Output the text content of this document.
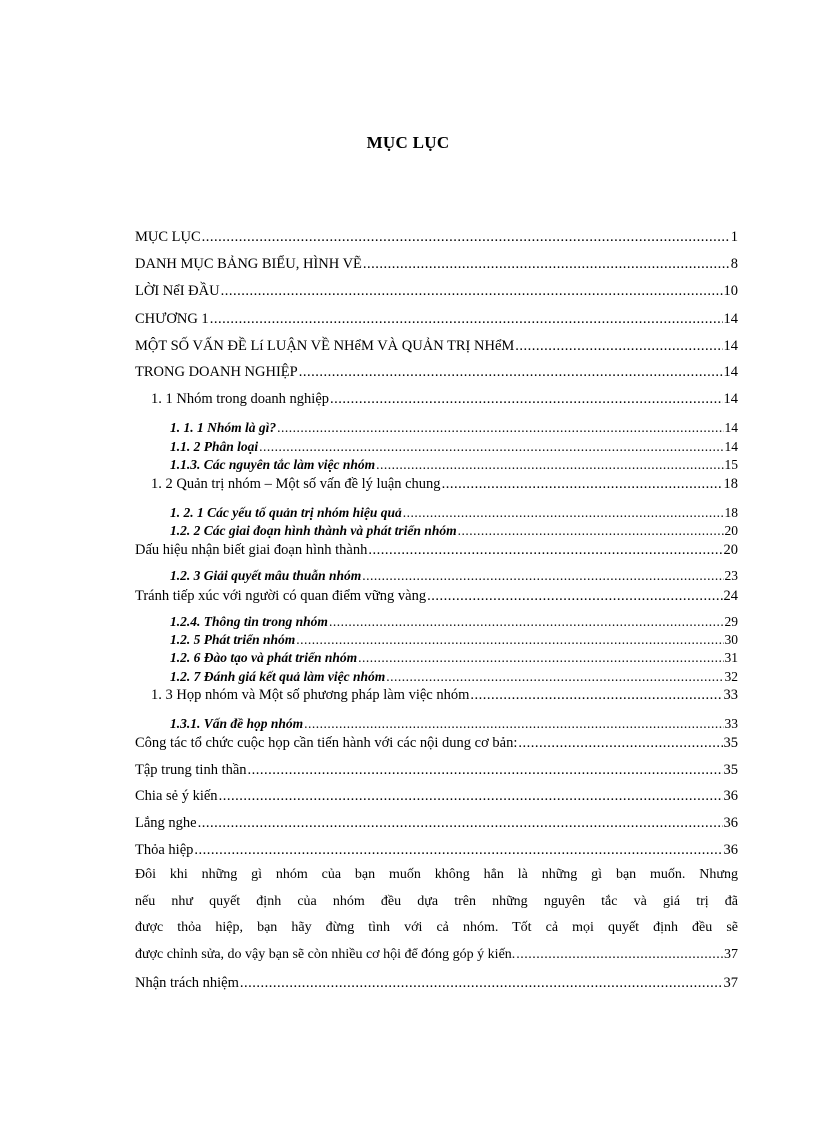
MỤC LỤC
MỤC LỤC .....	1
DANH MỤC BẢNG BIỂU, HÌNH VẼ .....	8
LỜI NểI ĐẦU .....	10
CHƯƠNG 1 .....	14
MỘT SỐ VẤN ĐỀ Lí LUẬN VỀ NHểM VÀ QUẢN TRỊ NHểM .....	14
TRONG DOANH NGHIỆP .....	14
1. 1 Nhóm trong doanh nghiệp .....	14
1. 1. 1 Nhóm là gì? .....	14
1.1. 2 Phân loại .....	14
1.1.3. Các nguyên tắc làm việc nhóm .....	15
1. 2 Quản trị nhóm – Một số vấn đề lý luận chung .....	18
1. 2. 1 Các yếu tố quản trị nhóm hiệu quả .....	18
1.2. 2 Các giai đoạn hình thành và phát triển nhóm .....	20
Dấu hiệu nhận biết giai đoạn hình thành .....	20
1.2. 3 Giải quyết mâu thuẫn nhóm .....	23
Tránh tiếp xúc với người có quan điểm vững vàng .....	24
1.2.4. Thông tin trong nhóm .....	29
1.2. 5 Phát triển nhóm .....	30
1.2. 6 Đào tạo và phát triển nhóm .....	31
1.2. 7 Đánh giá kết quả làm việc nhóm .....	32
1. 3 Họp nhóm và Một số phương pháp làm việc nhóm .....	33
1.3.1. Vấn đề họp nhóm .....	33
Công tác tổ chức cuộc họp cần tiến hành với các nội dung cơ bản: .....	35
Tập trung tinh thần .....	35
Chia sẻ ý kiến .....	36
Lắng nghe .....	36
Thỏa hiệp .....	36
Đôi khi những gì nhóm của bạn muốn không hẳn là những gì bạn muốn. Nhưng
nếu như quyết định của nhóm đều dựa trên những nguyên tắc và giá trị đã
được thỏa hiệp, bạn hãy đừng tình với cả nhóm. Tốt cả mọi quyết định đều sẽ
được chỉnh sửa, do vậy bạn sẽ còn nhiều cơ hội để đóng góp ý kiến. .....	37
Nhận trách nhiệm .....	37
